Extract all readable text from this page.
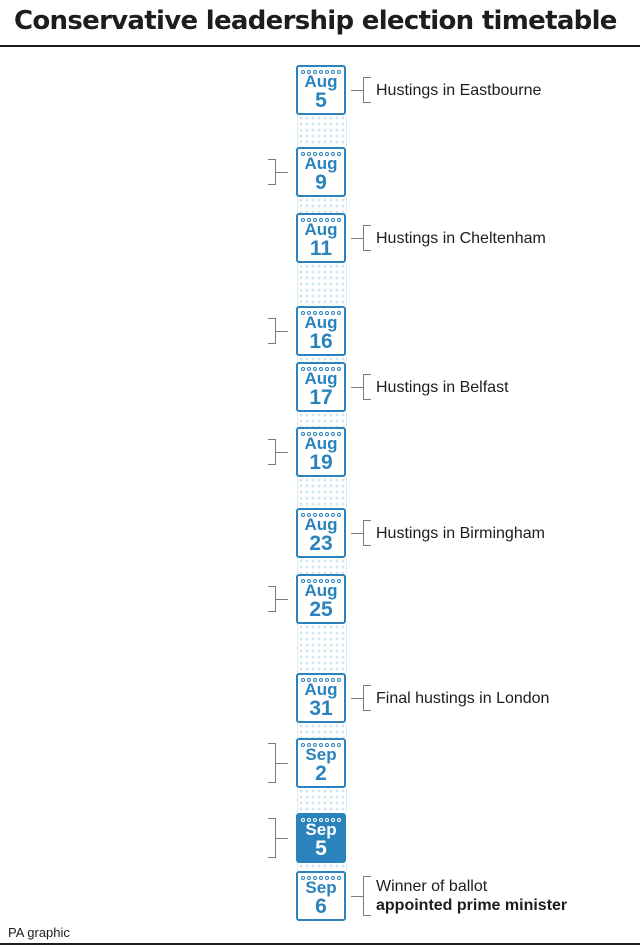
Conservative leadership election timetable
Aug
5
Aug
9
Aug
11
Aug
16
Aug
17
Aug
19
Aug
23
Aug
25
Aug
31
Sep
2
Sep
5
Sep
6
Hustings in Eastbourne
Hustings in Cheltenham
Hustings in Belfast
Hustings in Birmingham
Final hustings in London
Winner of ballot
appointed prime minister
PA graphic
